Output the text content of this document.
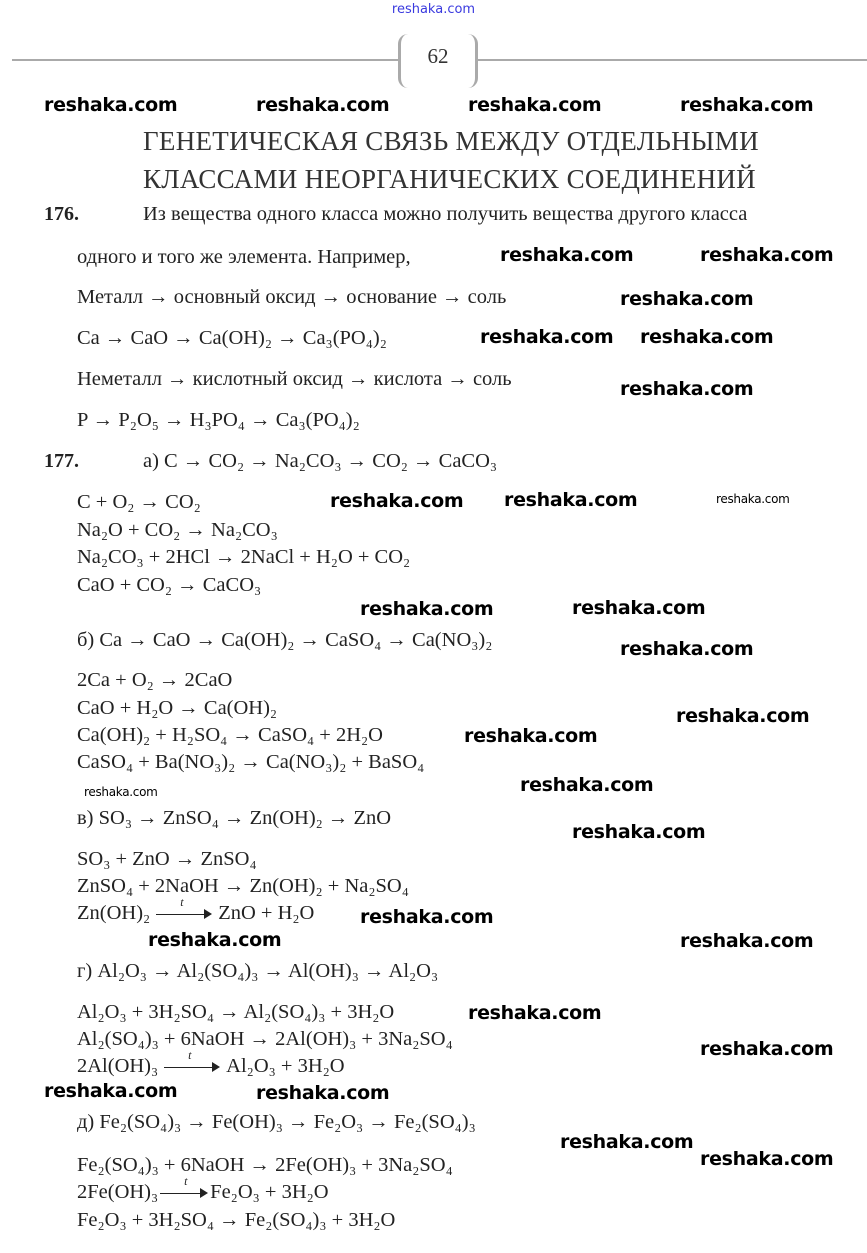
reshaka.com
62
ГЕНЕТИЧЕСКАЯ СВЯЗЬ МЕЖДУ ОТДЕЛЬНЫМИ
КЛАССАМИ НЕОРГАНИЧЕСКИХ СОЕДИНЕНИЙ
176.	Из вещества одного класса можно получить вещества другого класса
одного и того же элемента. Например,
Металл → основный оксид → основание → соль
Ca → CaO → Ca(OH)₂ → Ca₃(PO₄)₂
Неметалл → кислотный оксид → кислота → соль
P → P₂O₅ → H₃PO₄ → Ca₃(PO₄)₂
177.	а) C → CO₂ → Na₂CO₃ → CO₂ → CaCO₃
C + O₂ → CO₂
Na₂O + CO₂ → Na₂CO₃
Na₂CO₃ + 2HCl → 2NaCl + H₂O + CO₂
CaO + CO₂ → CaCO₃
б) Ca → CaO → Ca(OH)₂ → CaSO₄ → Ca(NO₃)₂
2Ca + O₂ → 2CaO
CaO + H₂O → Ca(OH)₂
Ca(OH)₂ + H₂SO₄ → CaSO₄ + 2H₂O
CaSO₄ + Ba(NO₃)₂ → Ca(NO₃)₂ + BaSO₄
в) SO₃ → ZnSO₄ → Zn(OH)₂ → ZnO
SO₃ + ZnO → ZnSO₄
ZnSO₄ + 2NaOH → Zn(OH)₂ + Na₂SO₄
Zn(OH)₂	t ZnO + H₂O
г) Al₂O₃ → Al₂(SO₄)₃ → Al(OH)₃ → Al₂O₃
Al₂O₃ + 3H₂SO₄ → Al₂(SO₄)₃ + 3H₂O
Al₂(SO₄)₃ + 6NaOH → 2Al(OH)₃ + 3Na₂SO₄
2Al(OH)₃	t Al₂O₃ + 3H₂O
д) Fe₂(SO₄)₃ → Fe(OH)₃ → Fe₂O₃ → Fe₂(SO₄)₃
Fe₂(SO₄)₃ + 6NaOH → 2Fe(OH)₃ + 3Na₂SO₄
2Fe(OH)₃ t Fe₂O₃ + 3H₂O
Fe₂O₃ + 3H₂SO₄ → Fe₂(SO₄)₃ + 3H₂O
reshaka.com	reshaka.com	reshaka.com	reshaka.com
reshaka.com	reshaka.com
reshaka.com
reshaka.com reshaka.com
reshaka.com
reshaka.com reshaka.com	reshaka.com
reshaka.com	reshaka.com
reshaka.com
reshaka.com
reshaka.com
reshaka.com
reshaka.com
reshaka.com
reshaka.com
reshaka.com	reshaka.com
reshaka.com
reshaka.com
reshaka.com	reshaka.com
reshaka.com
reshaka.com
